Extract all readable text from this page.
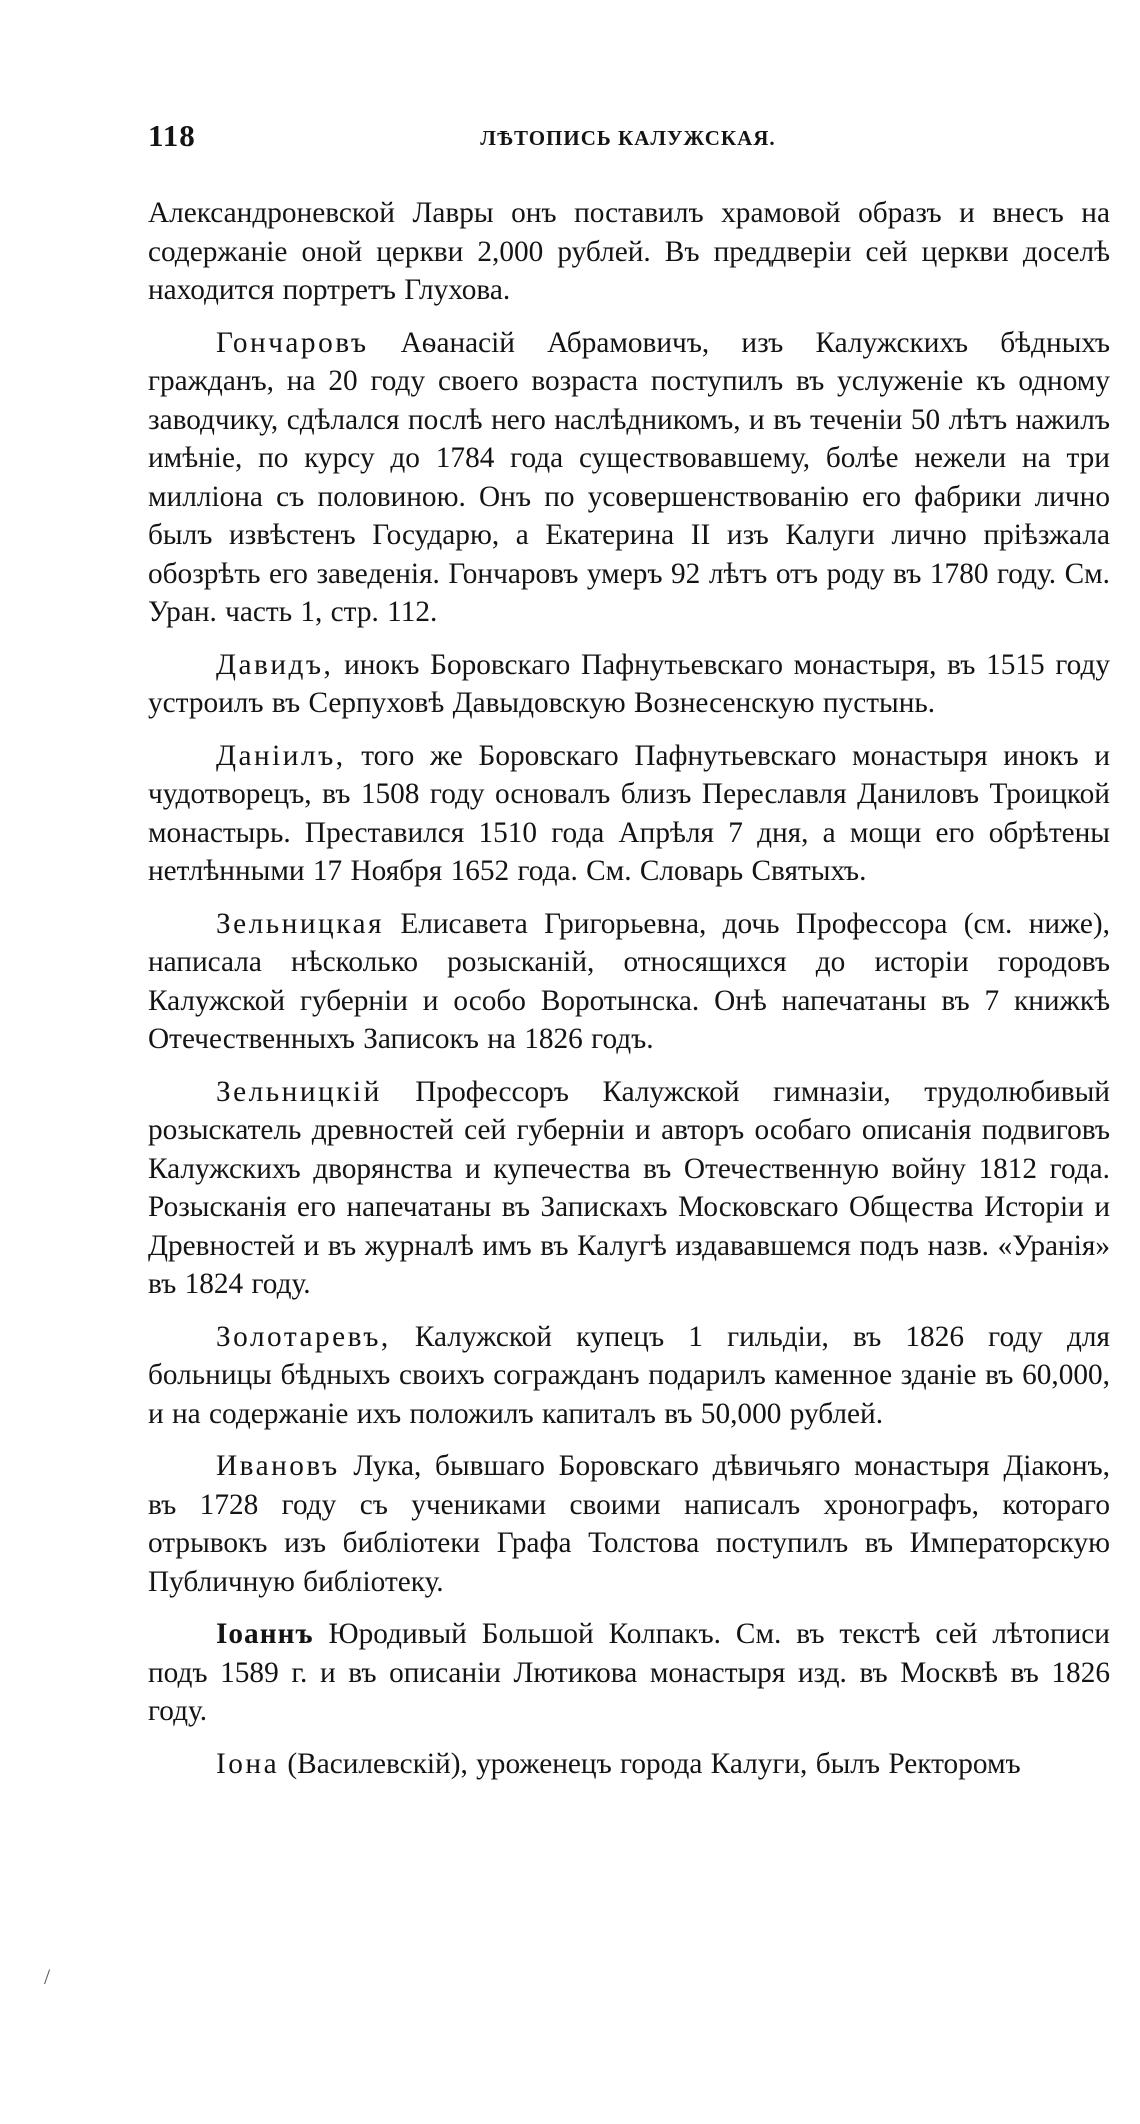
118	ЛѢТОПИСЬ КАЛУЖСКАЯ.

Александроневской Лавры онъ поставилъ храмовой образъ и внесъ на содержаніе оной церкви 2,000 рублей. Въ преддверіи сей церкви доселѣ находится портретъ Глухова.

Гончаровъ Аѳанасій Абрамовичъ, изъ Калужскихъ бѣдныхъ гражданъ, на 20 году своего возраста поступилъ въ услуженіе къ одному заводчику, сдѣлался послѣ него наслѣдникомъ, и въ теченіи 50 лѣтъ нажилъ имѣніе, по курсу до 1784 года существовавшему, болѣе нежели на три милліона съ половиною. Онъ по усовершенствованію его фабрики лично былъ извѣстенъ Государю, а Екатерина II изъ Калуги лично пріѣзжала обозрѣть его заведенія. Гончаровъ умеръ 92 лѣтъ отъ роду въ 1780 году. См. Уран. часть 1, стр. 112.

Давидъ, инокъ Боровскаго Пафнутьевскаго монастыря, въ 1515 году устроилъ въ Серпуховѣ Давыдовскую Вознесенскую пустынь.

Даніилъ, того же Боровскаго Пафнутьевскаго монастыря инокъ и чудотворецъ, въ 1508 году основалъ близъ Переславля Даниловъ Троицкой монастырь. Преставился 1510 года Апрѣля 7 дня, а мощи его обрѣтены нетлѣнными 17 Ноября 1652 года. См. Словарь Святыхъ.

Зельницкая Елисавета Григорьевна, дочь Профессора (см. ниже), написала нѣсколько розысканій, относящихся до исторіи городовъ Калужской губерніи и особо Воротынска. Онѣ напечатаны въ 7 книжкѣ Отечественныхъ Записокъ на 1826 годъ.

Зельницкій Профессоръ Калужской гимназіи, трудолюбивый розыскатель древностей сей губерніи и авторъ особаго описанія подвиговъ Калужскихъ дворянства и купечества въ Отечественную войну 1812 года. Розысканія его напечатаны въ Запискахъ Московскаго Общества Исторіи и Древностей и въ журналѣ имъ въ Калугѣ издававшемся подъ назв. «Уранія» въ 1824 году.

Золотаревъ, Калужской купецъ 1 гильдіи, въ 1826 году для больницы бѣдныхъ своихъ согражданъ подарилъ каменное зданіе въ 60,000, и на содержаніе ихъ положилъ капиталъ въ 50,000 рублей.

Ивановъ Лука, бывшаго Боровскаго дѣвичьяго монастыря Діаконъ, въ 1728 году съ учениками своими написалъ хронографъ, котораго отрывокъ изъ библіотеки Графа Толстова поступилъ въ Императорскую Публичную библіотеку.

Іоаннъ Юродивый Большой Колпакъ. См. въ текстѣ сей лѣтописи подъ 1589 г. и въ описаніи Лютикова монастыря изд. въ Москвѣ въ 1826 году.

Іона (Василевскій), уроженецъ города Калуги, былъ Ректоромъ

/
